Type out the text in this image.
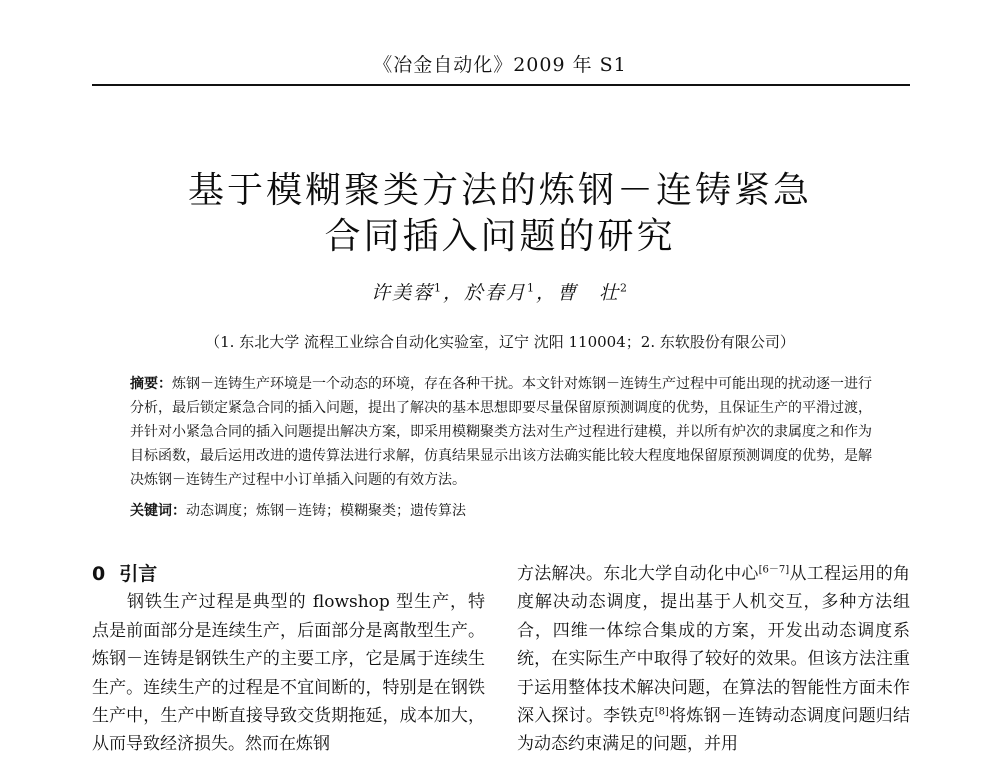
《冶金自动化》2009 年 S1
基于模糊聚类方法的炼钢－连铸紧急
合同插入问题的研究
许美蓉$^1$，於春月$^1$，曹　壮$^2$
（1. 东北大学 流程工业综合自动化实验室，辽宁 沈阳 110004；2. 东软股份有限公司）
摘要：炼钢－连铸生产环境是一个动态的环境，存在各种干扰。本文针对炼钢－连铸生产过程中可能出现的扰动逐一进行分析，最后锁定紧急合同的插入问题，提出了解决的基本思想即要尽量保留原预测调度的优势，且保证生产的平滑过渡，并针对小紧急合同的插入问题提出解决方案，即采用模糊聚类方法对生产过程进行建模，并以所有炉次的隶属度之和作为目标函数，最后运用改进的遗传算法进行求解，仿真结果显示出该方法确实能比较大程度地保留原预测调度的优势，是解决炼钢－连铸生产过程中小订单插入问题的有效方法。
关键词：动态调度；炼钢－连铸；模糊聚类；遗传算法
0 引言
钢铁生产过程是典型的 flowshop 型生产，特点是前面部分是连续生产，后面部分是离散型生产。炼钢－连铸是钢铁生产的主要工序，它是属于连续生生产。连续生产的过程是不宜间断的，特别是在钢铁生产中，生产中断直接导致交货期拖延，成本加大，从而导致经济损失。然而在炼钢
方法解决。东北大学自动化中心[6－7]从工程运用的角度解决动态调度，提出基于人机交互，多种方法组合，四维一体综合集成的方案，开发出动态调度系统，在实际生产中取得了较好的效果。但该方法注重于运用整体技术解决问题，在算法的智能性方面未作深入探讨。李铁克[8]将炼钢－连铸动态调度问题归结为动态约束满足的问题，并用
